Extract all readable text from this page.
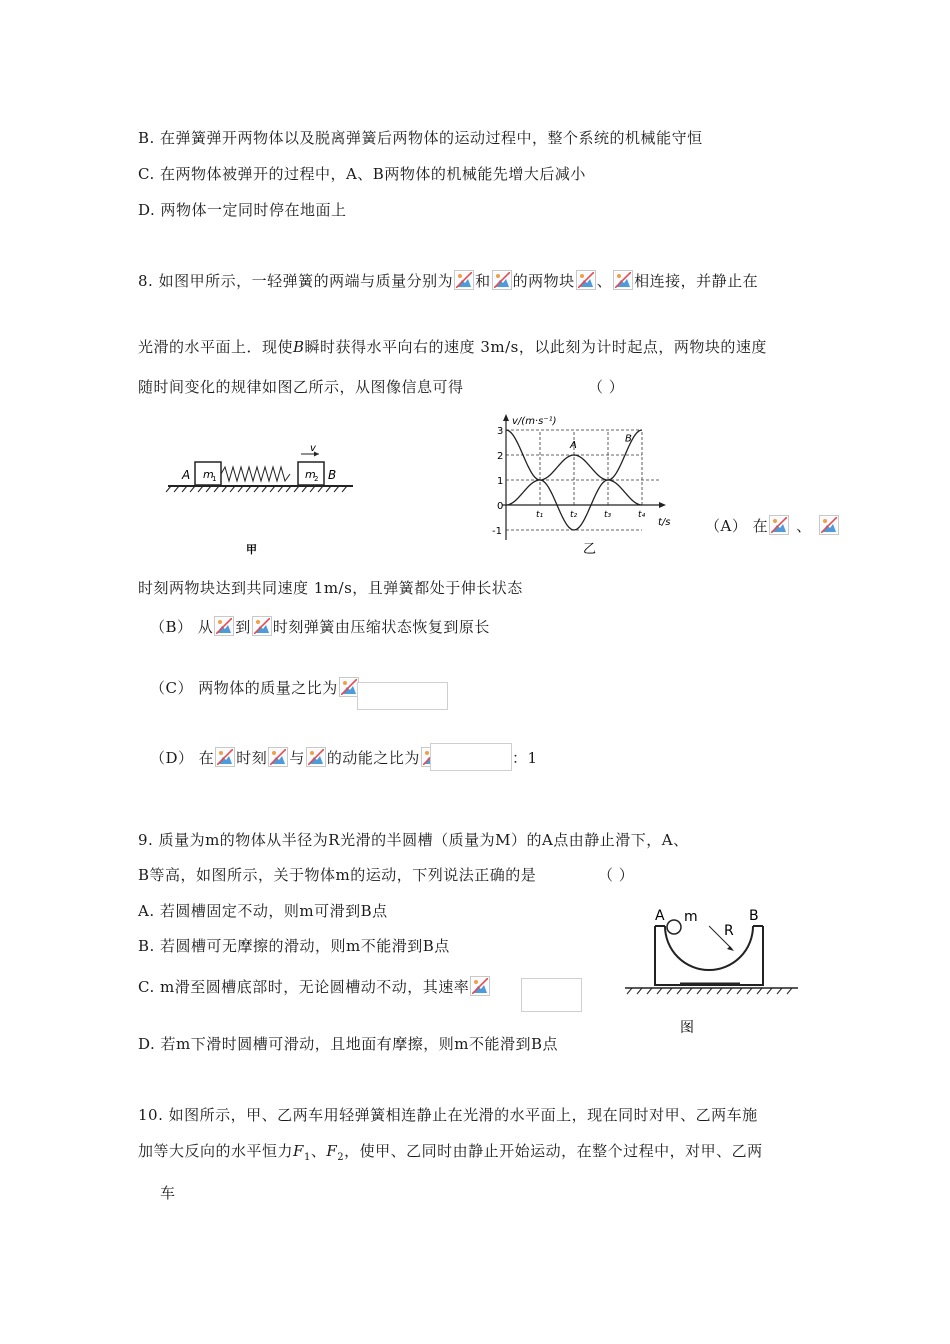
B. 在弹簧弹开两物体以及脱离弹簧后两物体的运动过程中，整个系统的机械能守恒
C. 在两物体被弹开的过程中，A、B两物体的机械能先增大后减小
D. 两物体一定同时停在地面上
8. 如图甲所示，一轻弹簧的两端与质量分别为 和 的两物块 、 相连接，并静止在
光滑的水平面上．现使B瞬时获得水平向右的速度 3m/s，以此刻为计时起点，两物块的速度
随时间变化的规律如图乙所示，从图像信息可得	（ ）
A m
1	m
2 B
v
甲
-1
0
1
2
3
t₁	t₂	t₃	t₄
A
B
v/(m·s⁻¹)
t/s
乙
（A） 在 、
时刻两物块达到共同速度 1m/s，且弹簧都处于伸长状态
（B） 从 到 时刻弹簧由压缩状态恢复到原长
（C） 两物体的质量之比为
（D） 在 时刻 与 的动能之比为	：1
9. 质量为m的物体从半径为R光滑的半圆槽（质量为M）的A点由静止滑下，A、
B等高，如图所示，关于物体m的运动，下列说法正确的是	（ ）
A. 若圆槽固定不动，则m可滑到B点
B. 若圆槽可无摩擦的滑动，则m不能滑到B点
C. m滑至圆槽底部时，无论圆槽动不动，其速率
D. 若m下滑时圆槽可滑动，且地面有摩擦，则m不能滑到B点
A m	B
R
图
10. 如图所示，甲、乙两车用轻弹簧相连静止在光滑的水平面上，现在同时对甲、乙两车施
加等大反向的水平恒力$F_1$、$F_2$，使甲、乙同时由静止开始运动，在整个过程中，对甲、乙两
车
